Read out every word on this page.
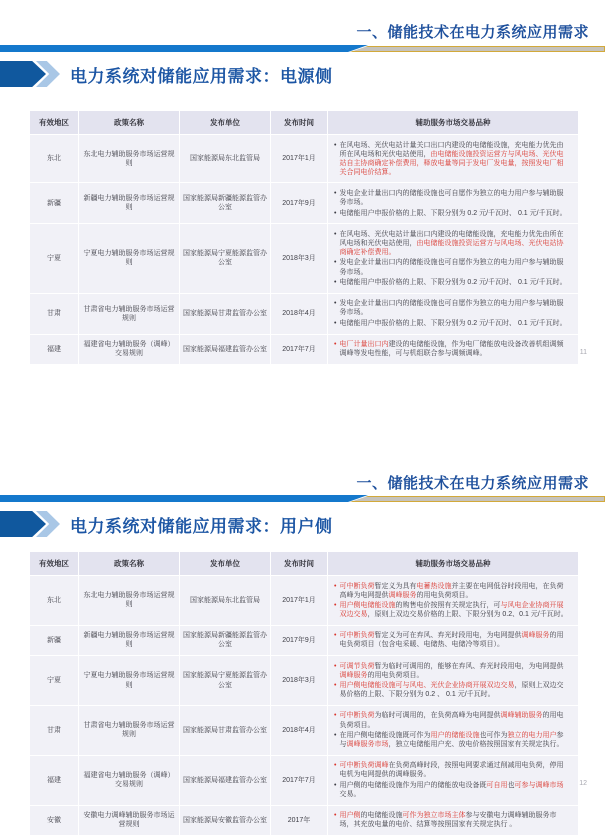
一、储能技术在电力系统应用需求
电力系统对储能应用需求：电源侧
有效地区	政策名称	发布单位	发布时间	辅助服务市场交易品种
东北	东北电力辅助服务市场运营规则	国家能源局东北监管局	2017年1月	• 在风电场、光伏电站计量关口出口内建设的电储能设施，充电能力优先由所在风电场和光伏电站使用，由电储能设施投资运营方与风电场、光伏电站自主协商确定补偿费用，释放电量等同于发电厂发电量，按照发电厂相关合同电价结算。

新疆	新疆电力辅助服务市场运营规则	国家能源局新疆能源监管办公室	2017年9月	• 发电企业计量出口内的储能设施也可自愿作为独立的电力用户参与辅助服务市场。
• 电储能用户申报价格的上限、下限分别为 0.2 元/千瓦时、 0.1 元/千瓦时。

宁夏	宁夏电力辅助服务市场运营规则	国家能源局宁夏能源监管办公室	2018年3月	
• 在风电场、光伏电站计量出口内建设的电储能设施，充电能力优先由所在风电场和光伏电站使用，由电储能设施投资运营方与风电场、光伏电站协商确定补偿费用。
• 发电企业计量出口内的储能设施也可自愿作为独立的电力用户参与辅助服务市场。
• 电储能用户申报价格的上限、下限分别为 0.2 元/千瓦时、 0.1 元/千瓦时。

甘肃	甘肃省电力辅助服务市场运营规则	国家能源局甘肃监管办公室	2018年4月	• 发电企业计量出口内的储能设施也可自愿作为独立的电力用户参与辅助服务市场。
• 电储能用户申报价格的上限、下限分别为 0.2 元/千瓦时、 0.1 元/千瓦时。

福建	福建省电力辅助服务（调峰）交易规则	国家能源局福建监管办公室	2017年7月	• 电厂计量出口内建设的电储能设施，作为电厂储能放电设备改善机组调频调峰等发电性能，可与机组联合参与调频调峰。	11
一、储能技术在电力系统应用需求
电力系统对储能应用需求：用户侧
有效地区	政策名称	发布单位	发布时间	辅助服务市场交易品种
东北	东北电力辅助服务市场运营规则	国家能源局东北监管局	2017年1月	• 可中断负荷暂定义为具有电蓄热设施并主要在电网低谷时段用电，在负荷高峰为电网提供调峰服务的用电负荷项目。
• 用户侧电储能设施的购售电价按照有关规定执行，可与风电企业协商开展双边交易，原则上双边交易价格的上限、下限分别为 0.2、0.1 元/千瓦时。

新疆	新疆电力辅助服务市场运营规则	国家能源局新疆能源监管办公室	2017年9月	• 可中断负荷暂定义为可在弃风、弃光时段用电，为电网提供调峰服务的用电负荷项目（包含电采暖、电储热、电储冷等项目）。

宁夏	宁夏电力辅助服务市场运营规则	国家能源局宁夏能源监管办公室	2018年3月	• 可调节负荷暂为临时可调用的，能够在弃风、弃光时段用电，为电网提供调峰服务的用电负荷项目。
• 用户侧电储能设施可与风电、光伏企业协商开展双边交易，原则上双边交易价格的上限、下限分别为 0.2 、 0.1 元/千瓦时。

甘肃	甘肃省电力辅助服务市场运营规则	国家能源局甘肃监管办公室	2018年4月	• 可中断负荷为临时可调用的，在负荷高峰为电网提供调峰辅助服务的用电负荷项目。
• 在用户侧电储能设施既可作为用户的储能设施也可作为独立的电力用户参与调峰服务市场，独立电储能用户充、放电价格按照国家有关规定执行。

福建	福建省电力辅助服务（调峰）交易规则	国家能源局福建监管办公室	2017年7月	• 可中断负荷调峰在负荷高峰时段，按照电网要求通过削减用电负荷，停用电机为电网提供的调峰服务。
• 用户侧的电储能设施作为用户的储能放电设备既可自用也可参与调峰市场交易。

安徽	安徽电力调峰辅助服务市场运营规则	国家能源局安徽监管办公室	2017年	• 用户侧的电储能设施可作为独立市场主体参与安徽电力调峰辅助服务市场，其充放电量的电价、结算等按照国家有关规定执行 。
12
